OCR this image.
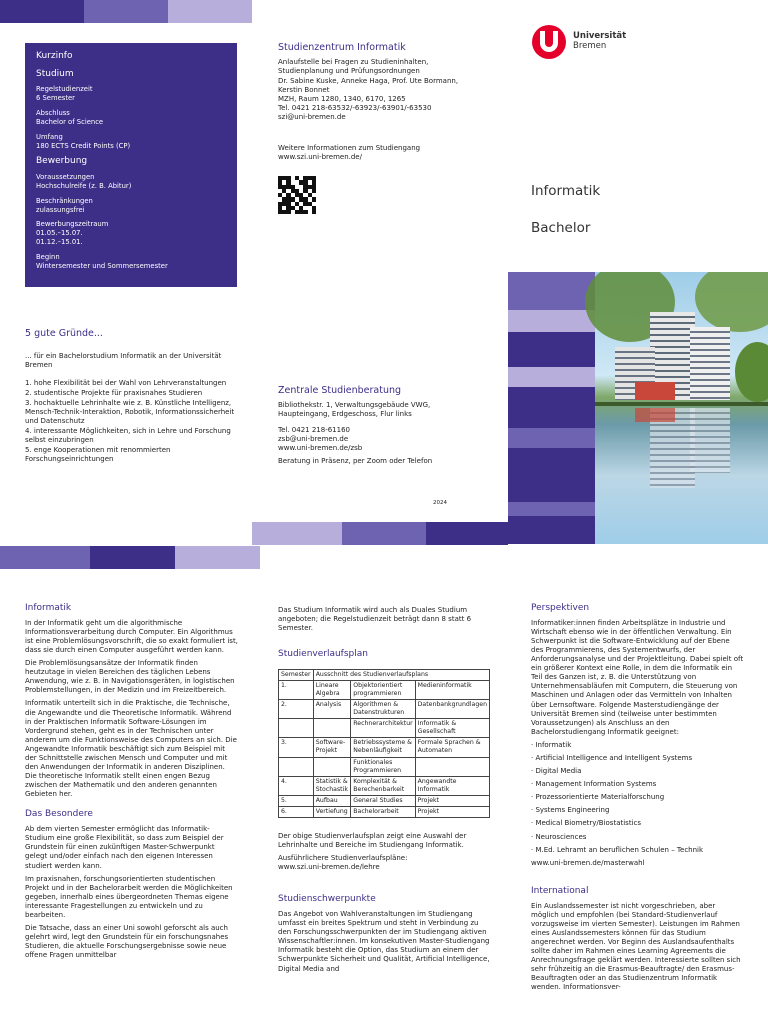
Kurzinfo
Studium
Regelstudienzeit
6 Semester
Abschluss
Bachelor of Science
Umfang
180 ECTS Credit Points (CP)
Bewerbung
Voraussetzungen
Hochschulreife (z. B. Abitur)
Beschränkungen
zulassungsfrei
Bewerbungszeitraum
01.05.–15.07.
01.12.–15.01.
Beginn
Wintersemester und Sommersemester
5 gute Gründe...
... für ein Bachelorstudium Informatik an der Universität Bremen
1. hohe Flexibilität bei der Wahl von Lehrveranstaltungen
2. studentische Projekte für praxisnahes Studieren
3. hochaktuelle Lehrinhalte wie z. B. Künstliche Intelligenz, Mensch-Technik-Interaktion, Robotik, Informationssicherheit und Datenschutz
4. interessante Möglichkeiten, sich in Lehre und Forschung selbst einzubringen
5. enge Kooperationen mit renommierten Forschungseinrichtungen
Studienzentrum Informatik
Anlaufstelle bei Fragen zu Studieninhalten, Studienplanung und Prüfungsordnungen
Dr. Sabine Kuske, Anneke Haga, Prof. Ute Bormann, Kerstin Bonnet
MZH, Raum 1280, 1340, 6170, 1265
Tel. 0421 218-63532/-63923/-63901/-63530
szi@uni-bremen.de
Weitere Informationen zum Studiengang
www.szi.uni-bremen.de/
Zentrale Studienberatung
Bibliothekstr. 1, Verwaltungsgebäude VWG, Haupteingang, Erdgeschoss, Flur links
Tel. 0421 218-61160
zsb@uni-bremen.de
www.uni-bremen.de/zsb
Beratung in Präsenz, per Zoom oder Telefon
2024
Universität
Bremen
Informatik
Bachelor
Informatik
In der Informatik geht um die algorithmische Informationsverarbeitung durch Computer. Ein Algorithmus ist eine Problemlösungsvorschrift, die so exakt formuliert ist, dass sie durch einen Computer ausgeführt werden kann.
Die Problemlösungsansätze der Informatik finden heutzutage in vielen Bereichen des täglichen Lebens Anwendung, wie z. B. in Navigationsgeräten, in logistischen Problemstellungen, in der Medizin und im Freizeitbereich.
Informatik unterteilt sich in die Praktische, die Technische, die Angewandte und die Theoretische Informatik. Während in der Praktischen Informatik Software-Lösungen im Vordergrund stehen, geht es in der Technischen unter anderem um die Funktionsweise des Computers an sich. Die Angewandte Informatik beschäftigt sich zum Beispiel mit der Schnittstelle zwischen Mensch und Computer und mit den Anwendungen der Informatik in anderen Disziplinen. Die theoretische Informatik stellt einen engen Bezug zwischen der Mathematik und den anderen genannten Gebieten her.
Das Besondere
Ab dem vierten Semester ermöglicht das Informatik-Studium eine große Flexibilität, so dass zum Beispiel der Grundstein für einen zukünftigen Master-Schwerpunkt gelegt und/oder einfach nach den eigenen Interessen studiert werden kann.
Im praxisnahen, forschungsorientierten studentischen Projekt und in der Bachelorarbeit werden die Möglichkeiten gegeben, innerhalb eines übergeordneten Themas eigene interessante Fragestellungen zu entwickeln und zu bearbeiten.
Die Tatsache, dass an einer Uni sowohl geforscht als auch gelehrt wird, legt den Grundstein für ein forschungsnahes Studieren, die aktuelle Forschungsergebnisse sowie neue offene Fragen unmittelbar
Das Studium Informatik wird auch als Duales Studium angeboten; die Regelstudienzeit beträgt dann 8 statt 6 Semester.
Studienverlaufsplan
Semester	Ausschnitt des Studienverlaufsplans		
1.	Lineare Algebra	Objektorientiert programmieren	Medieninformatik
2.	Analysis	Algorithmen & Datenstrukturen	Datenbankgrundlagen
		Rechnerarchitektur	Informatik & Gesellschaft
3.	Software-Projekt	Betriebssysteme & Nebenläufigkeit	Formale Sprachen & Automaten
		Funktionales Programmieren	
4.	Statistik & Stochastik	Komplexität & Berechenbarkeit	Angewandte Informatik
5.	Aufbau	General Studies	Projekt
6.	Vertiefung	Bachelorarbeit	Projekt
Der obige Studienverlaufsplan zeigt eine Auswahl der Lehrinhalte und Bereiche im Studiengang Informatik.
Ausführlichere Studienverlaufspläne:
www.szi.uni-bremen.de/lehre
Studienschwerpunkte
Das Angebot von Wahlveranstaltungen im Studiengang umfasst ein breites Spektrum und steht in Verbindung zu den Forschungsschwerpunkten der im Studiengang aktiven Wissenschaftler:innen. Im konsekutiven Master-Studiengang Informatik besteht die Option, das Studium an einem der Schwerpunkte Sicherheit und Qualität, Artificial Intelligence, Digital Media and
Perspektiven
Informatiker:innen finden Arbeitsplätze in Industrie und Wirtschaft ebenso wie in der öffentlichen Verwaltung. Ein Schwerpunkt ist die Software-Entwicklung auf der Ebene des Programmierens, des Systementwurfs, der Anforderungsanalyse und der Projektleitung. Dabei spielt oft ein größerer Kontext eine Rolle, in dem die Informatik ein Teil des Ganzen ist, z. B. die Unterstützung von Unternehmensabläufen mit Computern, die Steuerung von Maschinen und Anlagen oder das Vermitteln von Inhalten über Lernsoftware. Folgende Masterstudiengänge der Universität Bremen sind (teilweise unter bestimmten Voraussetzungen) als Anschluss an den Bachelorstudiengang Informatik geeignet:
· Informatik
· Artificial Intelligence and Intelligent Systems
· Digital Media
· Management Information Systems
· Prozessorientierte Materialforschung
· Systems Engineering
· Medical Biometry/Biostatistics
· Neurosciences
· M.Ed. Lehramt an beruflichen Schulen – Technik
www.uni-bremen.de/masterwahl
International
Ein Auslandssemester ist nicht vorgeschrieben, aber möglich und empfohlen (bei Standard-Studienverlauf vorzugsweise im vierten Semester). Leistungen im Rahmen eines Auslandssemesters können für das Studium angerechnet werden. Vor Beginn des Auslandsaufenthalts sollte daher im Rahmen eines Learning Agreements die Anrechnungsfrage geklärt werden. Interessierte sollten sich sehr frühzeitig an die Erasmus-Beauftragte/ den Erasmus-Beauftragten oder an das Studienzentrum Informatik wenden. Informationsver-
